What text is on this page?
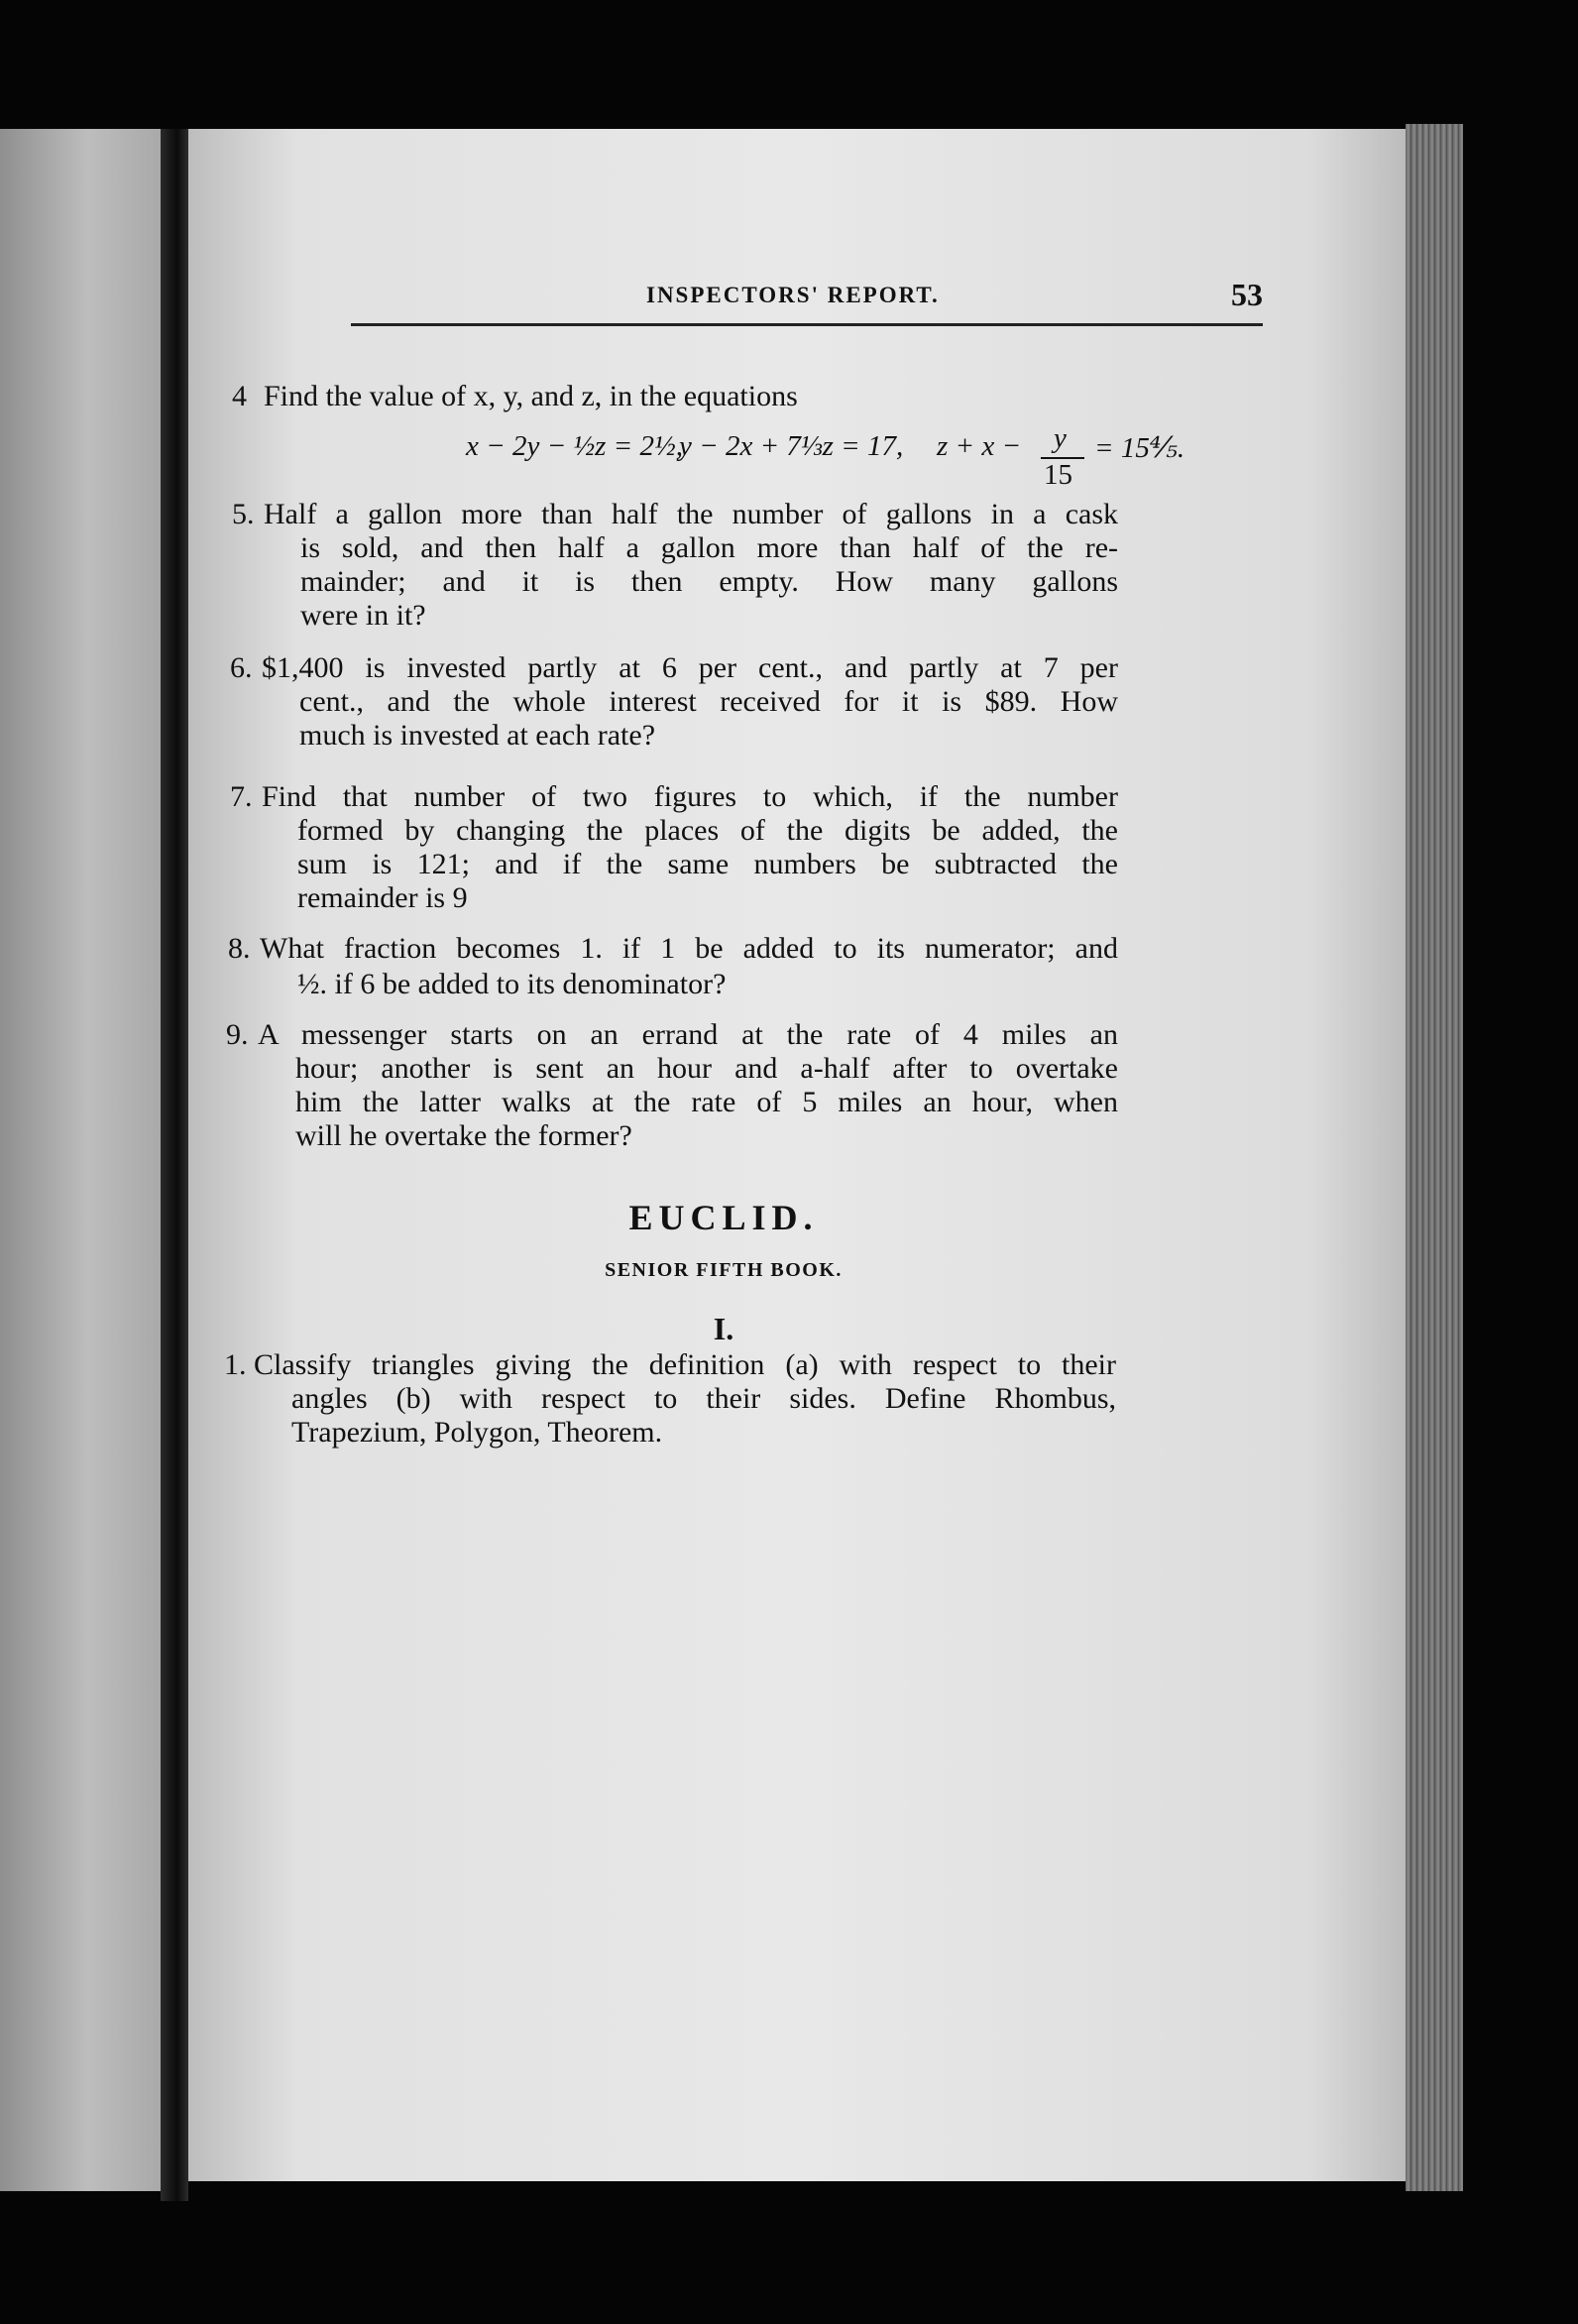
INSPECTORS' REPORT.	53
4 Find the value of x, y, and z, in the equations
x − 2y − ½z = 2½,
y − 2x + 7⅓z = 17, z + x − y
15
= 15⅘.
5. Half a gallon more than half the number of gallons in a cask
is sold, and then half a gallon more than half of the re-
mainder; and it is then empty. How many gallons
were in it?
6. $1,400 is invested partly at 6 per cent., and partly at 7 per
cent., and the whole interest received for it is $89. How
much is invested at each rate?
7. Find that number of two figures to which, if the number
formed by changing the places of the digits be added, the
sum is 121; and if the same numbers be subtracted the
remainder is 9
8. What fraction becomes 1. if 1 be added to its numerator; and
½. if 6 be added to its denominator?
9. A messenger starts on an errand at the rate of 4 miles an
hour; another is sent an hour and a-half after to overtake
him the latter walks at the rate of 5 miles an hour, when
will he overtake the former?
EUCLID.
SENIOR FIFTH BOOK.
I.
1. Classify triangles giving the definition (a) with respect to their
angles (b) with respect to their sides. Define Rhombus,
Trapezium, Polygon, Theorem.
